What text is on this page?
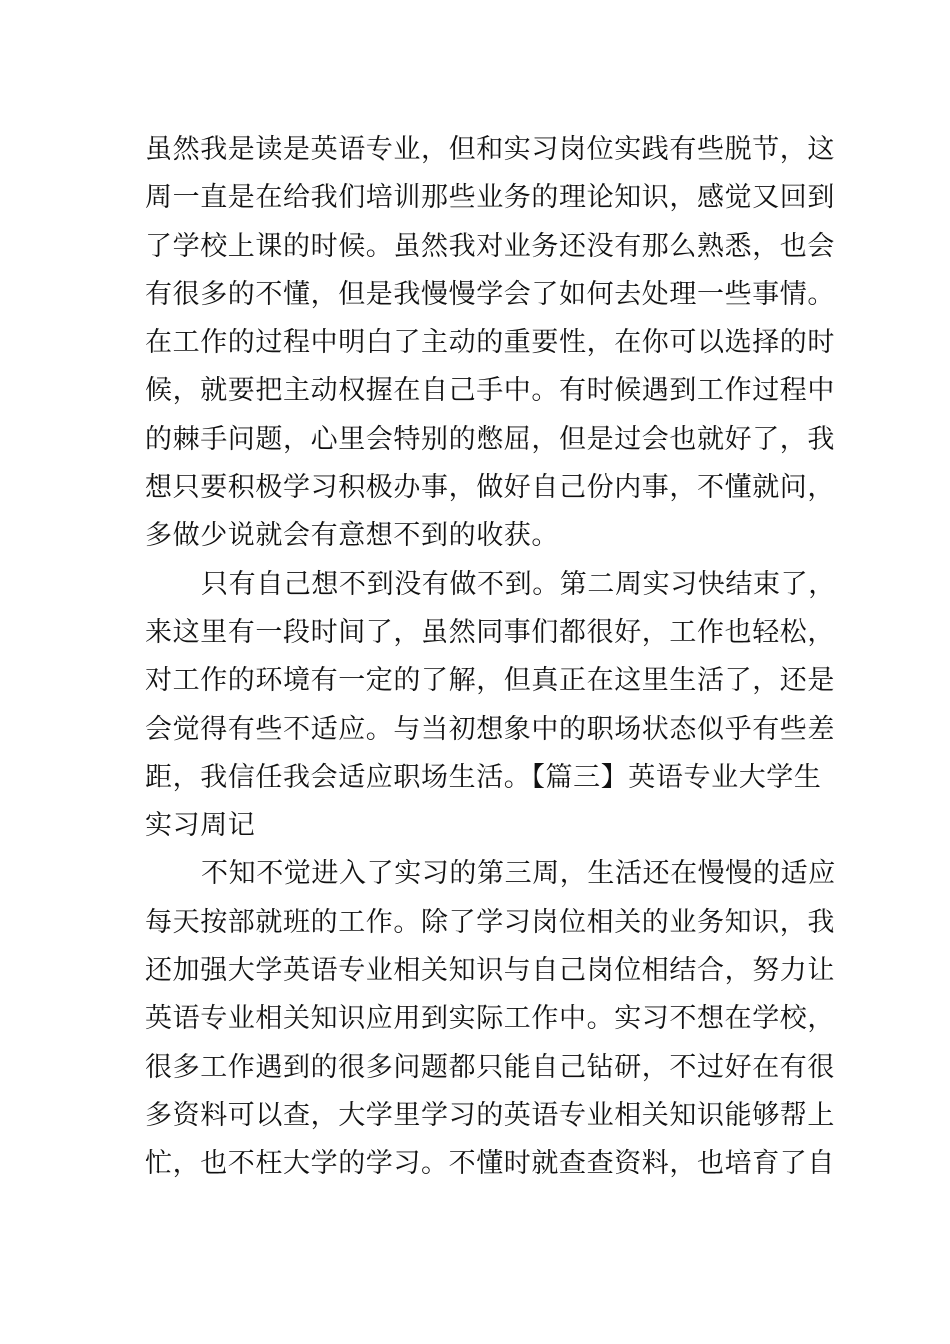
虽然我是读是英语专业，但和实习岗位实践有些脱节，这
周一直是在给我们培训那些业务的理论知识，感觉又回到
了学校上课的时候。虽然我对业务还没有那么熟悉，也会
有很多的不懂，但是我慢慢学会了如何去处理一些事情。
在工作的过程中明白了主动的重要性，在你可以选择的时
候，就要把主动权握在自己手中。有时候遇到工作过程中
的棘手问题，心里会特别的憋屈，但是过会也就好了，我
想只要积极学习积极办事，做好自己份内事，不懂就问，
多做少说就会有意想不到的收获。
只有自己想不到没有做不到。第二周实习快结束了，
来这里有一段时间了，虽然同事们都很好，工作也轻松，
对工作的环境有一定的了解，但真正在这里生活了，还是
会觉得有些不适应。与当初想象中的职场状态似乎有些差
距，我信任我会适应职场生活。【篇三】英语专业大学生
实习周记
不知不觉进入了实习的第三周，生活还在慢慢的适应
每天按部就班的工作。除了学习岗位相关的业务知识，我
还加强大学英语专业相关知识与自己岗位相结合，努力让
英语专业相关知识应用到实际工作中。实习不想在学校，
很多工作遇到的很多问题都只能自己钻研，不过好在有很
多资料可以查，大学里学习的英语专业相关知识能够帮上
忙，也不枉大学的学习。不懂时就查查资料，也培育了自
